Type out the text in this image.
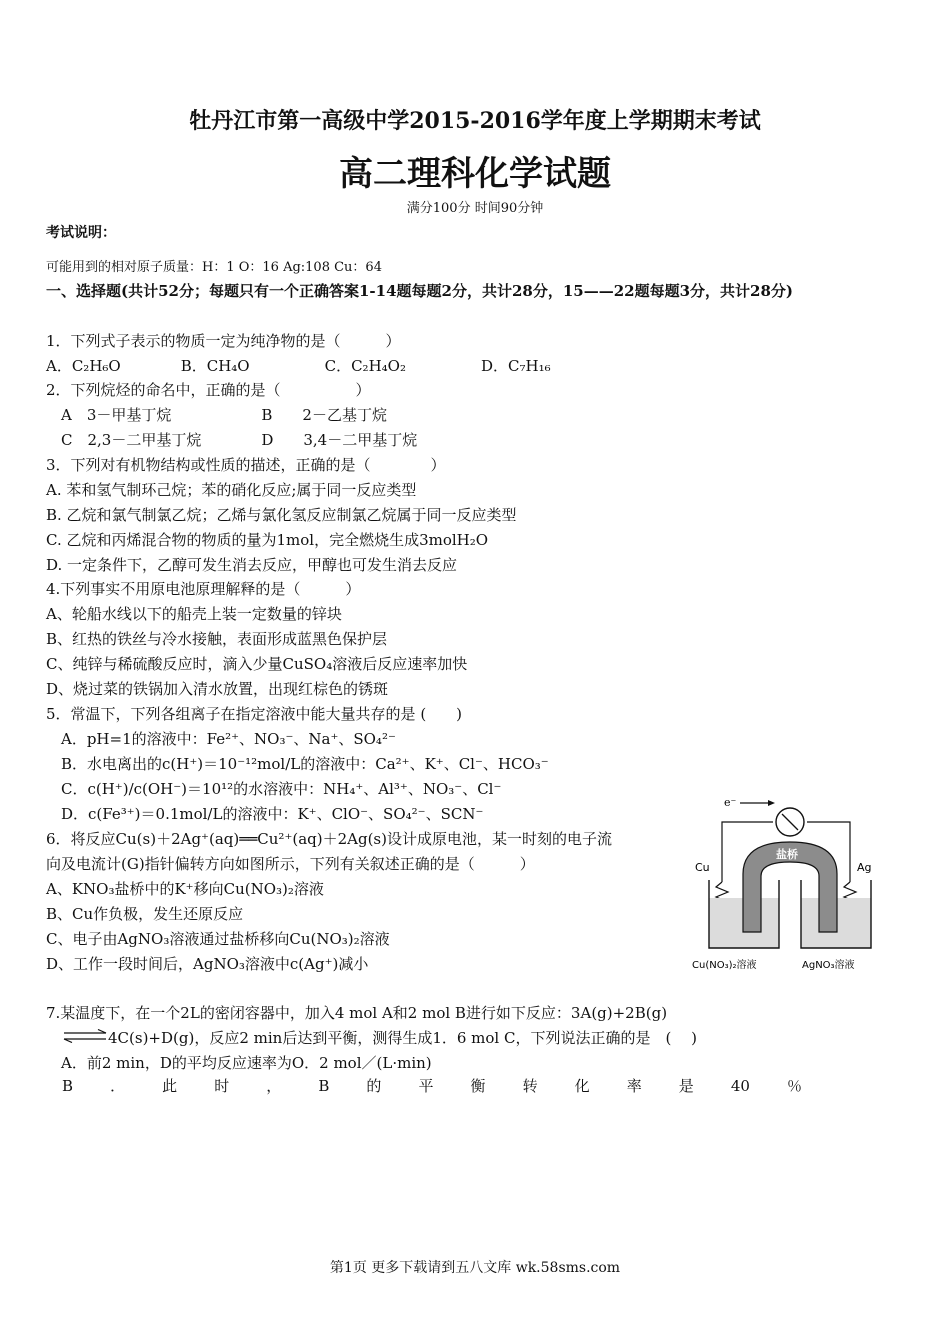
牡丹江市第一高级中学2015-2016学年度上学期期末考试
高二理科化学试题
满分100分 时间90分钟
考试说明：
可能用到的相对原子质量：H：1 O：16 Ag:108 Cu：64
一、选择题(共计52分；每题只有一个正确答案1-14题每题2分，共计28分，15——22题每题3分，共计28分)
1．下列式子表示的物质一定为纯净物的是（　　　）
A．C₂H₆O　　　　B．CH₄O　　　　　C．C₂H₄O₂　　　　　D．C₇H₁₆
2．下列烷烃的命名中，正确的是（　　　　　）
　A　3－甲基丁烷　　　　　　B　　2－乙基丁烷
　C　2,3－二甲基丁烷　　　　D　　3,4－二甲基丁烷
3．下列对有机物结构或性质的描述，正确的是（　　　　）
A. 苯和氢气制环己烷；苯的硝化反应;属于同一反应类型
B. 乙烷和氯气制氯乙烷；乙烯与氯化氢反应制氯乙烷属于同一反应类型
C. 乙烷和丙烯混合物的物质的量为1mol，完全燃烧生成3molH₂O
D. 一定条件下，乙醇可发生消去反应，甲醇也可发生消去反应
4.下列事实不用原电池原理解释的是（　　　）
A、轮船水线以下的船壳上装一定数量的锌块
B、红热的铁丝与冷水接触，表面形成蓝黑色保护层
C、纯锌与稀硫酸反应时，滴入少量CuSO₄溶液后反应速率加快
D、烧过菜的铁锅加入清水放置，出现红棕色的锈斑
5．常温下，下列各组离子在指定溶液中能大量共存的是 (　　)
　A．pH=1的溶液中：Fe²⁺、NO₃⁻、Na⁺、SO₄²⁻
　B．水电离出的c(H⁺)＝10⁻¹²mol/L的溶液中：Ca²⁺、K⁺、Cl⁻、HCO₃⁻
　C．c(H⁺)/c(OH⁻)＝10¹²的水溶液中：NH₄⁺、Al³⁺、NO₃⁻、Cl⁻
　D．c(Fe³⁺)＝0.1mol/L的溶液中：K⁺、ClO⁻、SO₄²⁻、SCN⁻
6．将反应Cu(s)＋2Ag⁺(aq)══Cu²⁺(aq)＋2Ag(s)设计成原电池，某一时刻的电子流
向及电流计(G)指针偏转方向如图所示，下列有关叙述正确的是（　　　）
A、KNO₃盐桥中的K⁺移向Cu(NO₃)₂溶液
B、Cu作负极，发生还原反应
C、电子由AgNO₃溶液通过盐桥移向Cu(NO₃)₂溶液
D、工作一段时间后，AgNO₃溶液中c(Ag⁺)减小
e⁻
Cu	Ag
盐桥
Cu(NO₃)₂溶液	AgNO₃溶液
7.某温度下，在一个2L的密闭容器中，加入4 mol A和2 mol B进行如下反应：3A(g)+2B(g)
⇌ 4C(s)+D(g)，反应2 min后达到平衡，测得生成1．6 mol C，下列说法正确的是　(　 )
　A．前2 min，D的平均反应速率为O．2 mol／(L·min)
B ． 此 时 ， B 的 平 衡 转 化 率 是 40 ％
第1页 更多下载请到五八文库 wk.58sms.com
